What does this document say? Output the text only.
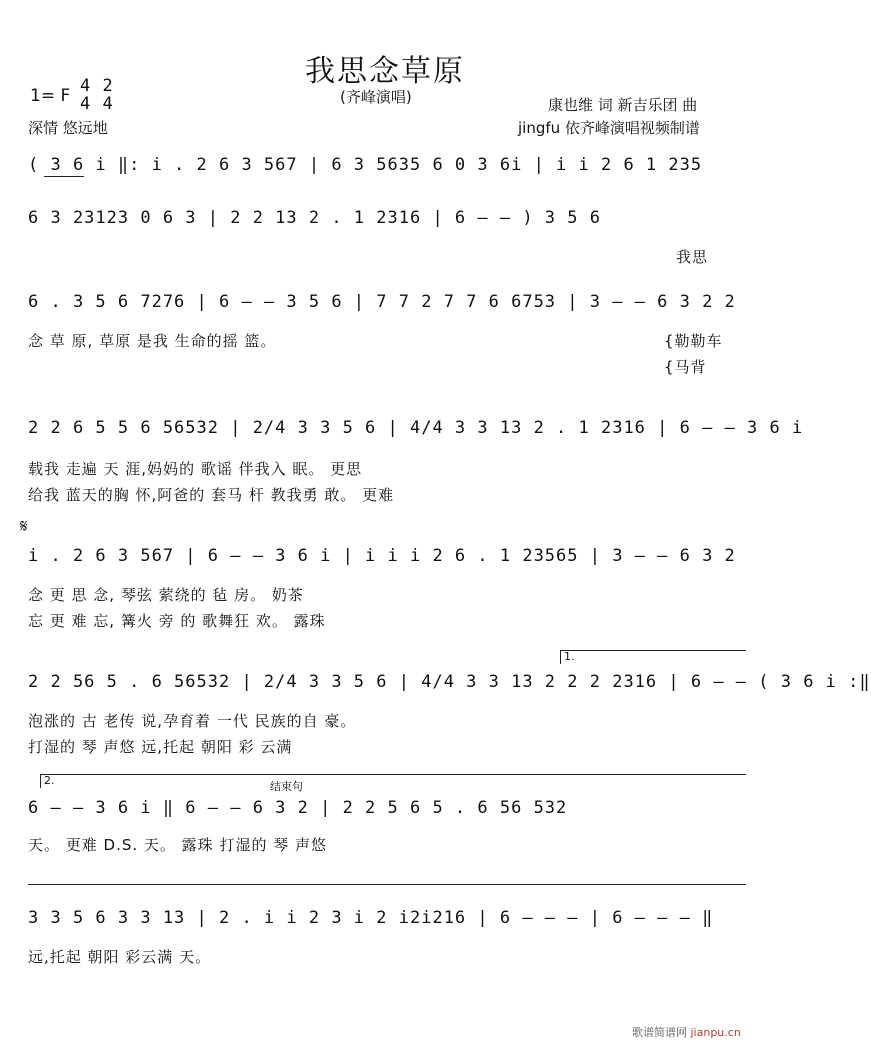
我思念草原
(齐峰演唱)
1= F 4 2
4 4
深情 悠远地
康也维 词 新吉乐团 曲
jingfu 依齐峰演唱视频制谱
( 3 6 i ‖: i . 2 6 3 567 | 6 3 5635 6 0 3 6i | i i 2 6 1 235
6 3 23123 0 6 3 | 2 2 13 2 . 1 2316 | 6 – – ) 3 5 6
我思
6 . 3 5 6 7276 | 6 – – 3 5 6 | 7 7 2 7 7 6 6753 | 3 – – 6 3 2 2
念 草 原, 草原 是我 生命的摇 篮。	{勒勒车
{马背
2 2 6 5 5 6 56532 | 2/4 3 3 5 6 | 4/4 3 3 13 2 . 1 2316 | 6 – – 3 6 i
载我 走遍 天 涯,妈妈的 歌谣 伴我入 眠。 更思
给我 蓝天的胸 怀,阿爸的 套马 杆 教我勇 敢。 更难
𝄋
i . 2 6 3 567 | 6 – – 3 6 i | i i i 2 6 . 1 23565 | 3 – – 6 3 2
念 更 思 念, 琴弦 萦绕的 毡 房。 奶茶
忘 更 难 忘, 篝火 旁 的 歌舞狂 欢。 露珠
1.
2 2 56 5 . 6 56532 | 2/4 3 3 5 6 | 4/4 3 3 13 2 2 2 2316 | 6 – – ( 3 6 i :‖
泡涨的 古 老传 说,孕育着 一代 民族的自 豪。
打湿的 琴 声悠 远,托起 朝阳 彩 云满
2.	结束句
6 – – 3 6 i ‖ 6 – – 6 3 2 | 2 2 5 6 5 . 6 56 532
天。 更难 D.S. 天。 露珠 打湿的 琴 声悠
3 3 5 6 3 3 13 | 2 . i i 2 3 i 2 i2i216 | 6 – – – | 6 – – – ‖
远,托起 朝阳 彩云满 天。
歌谱简谱网 jianpu.cn
